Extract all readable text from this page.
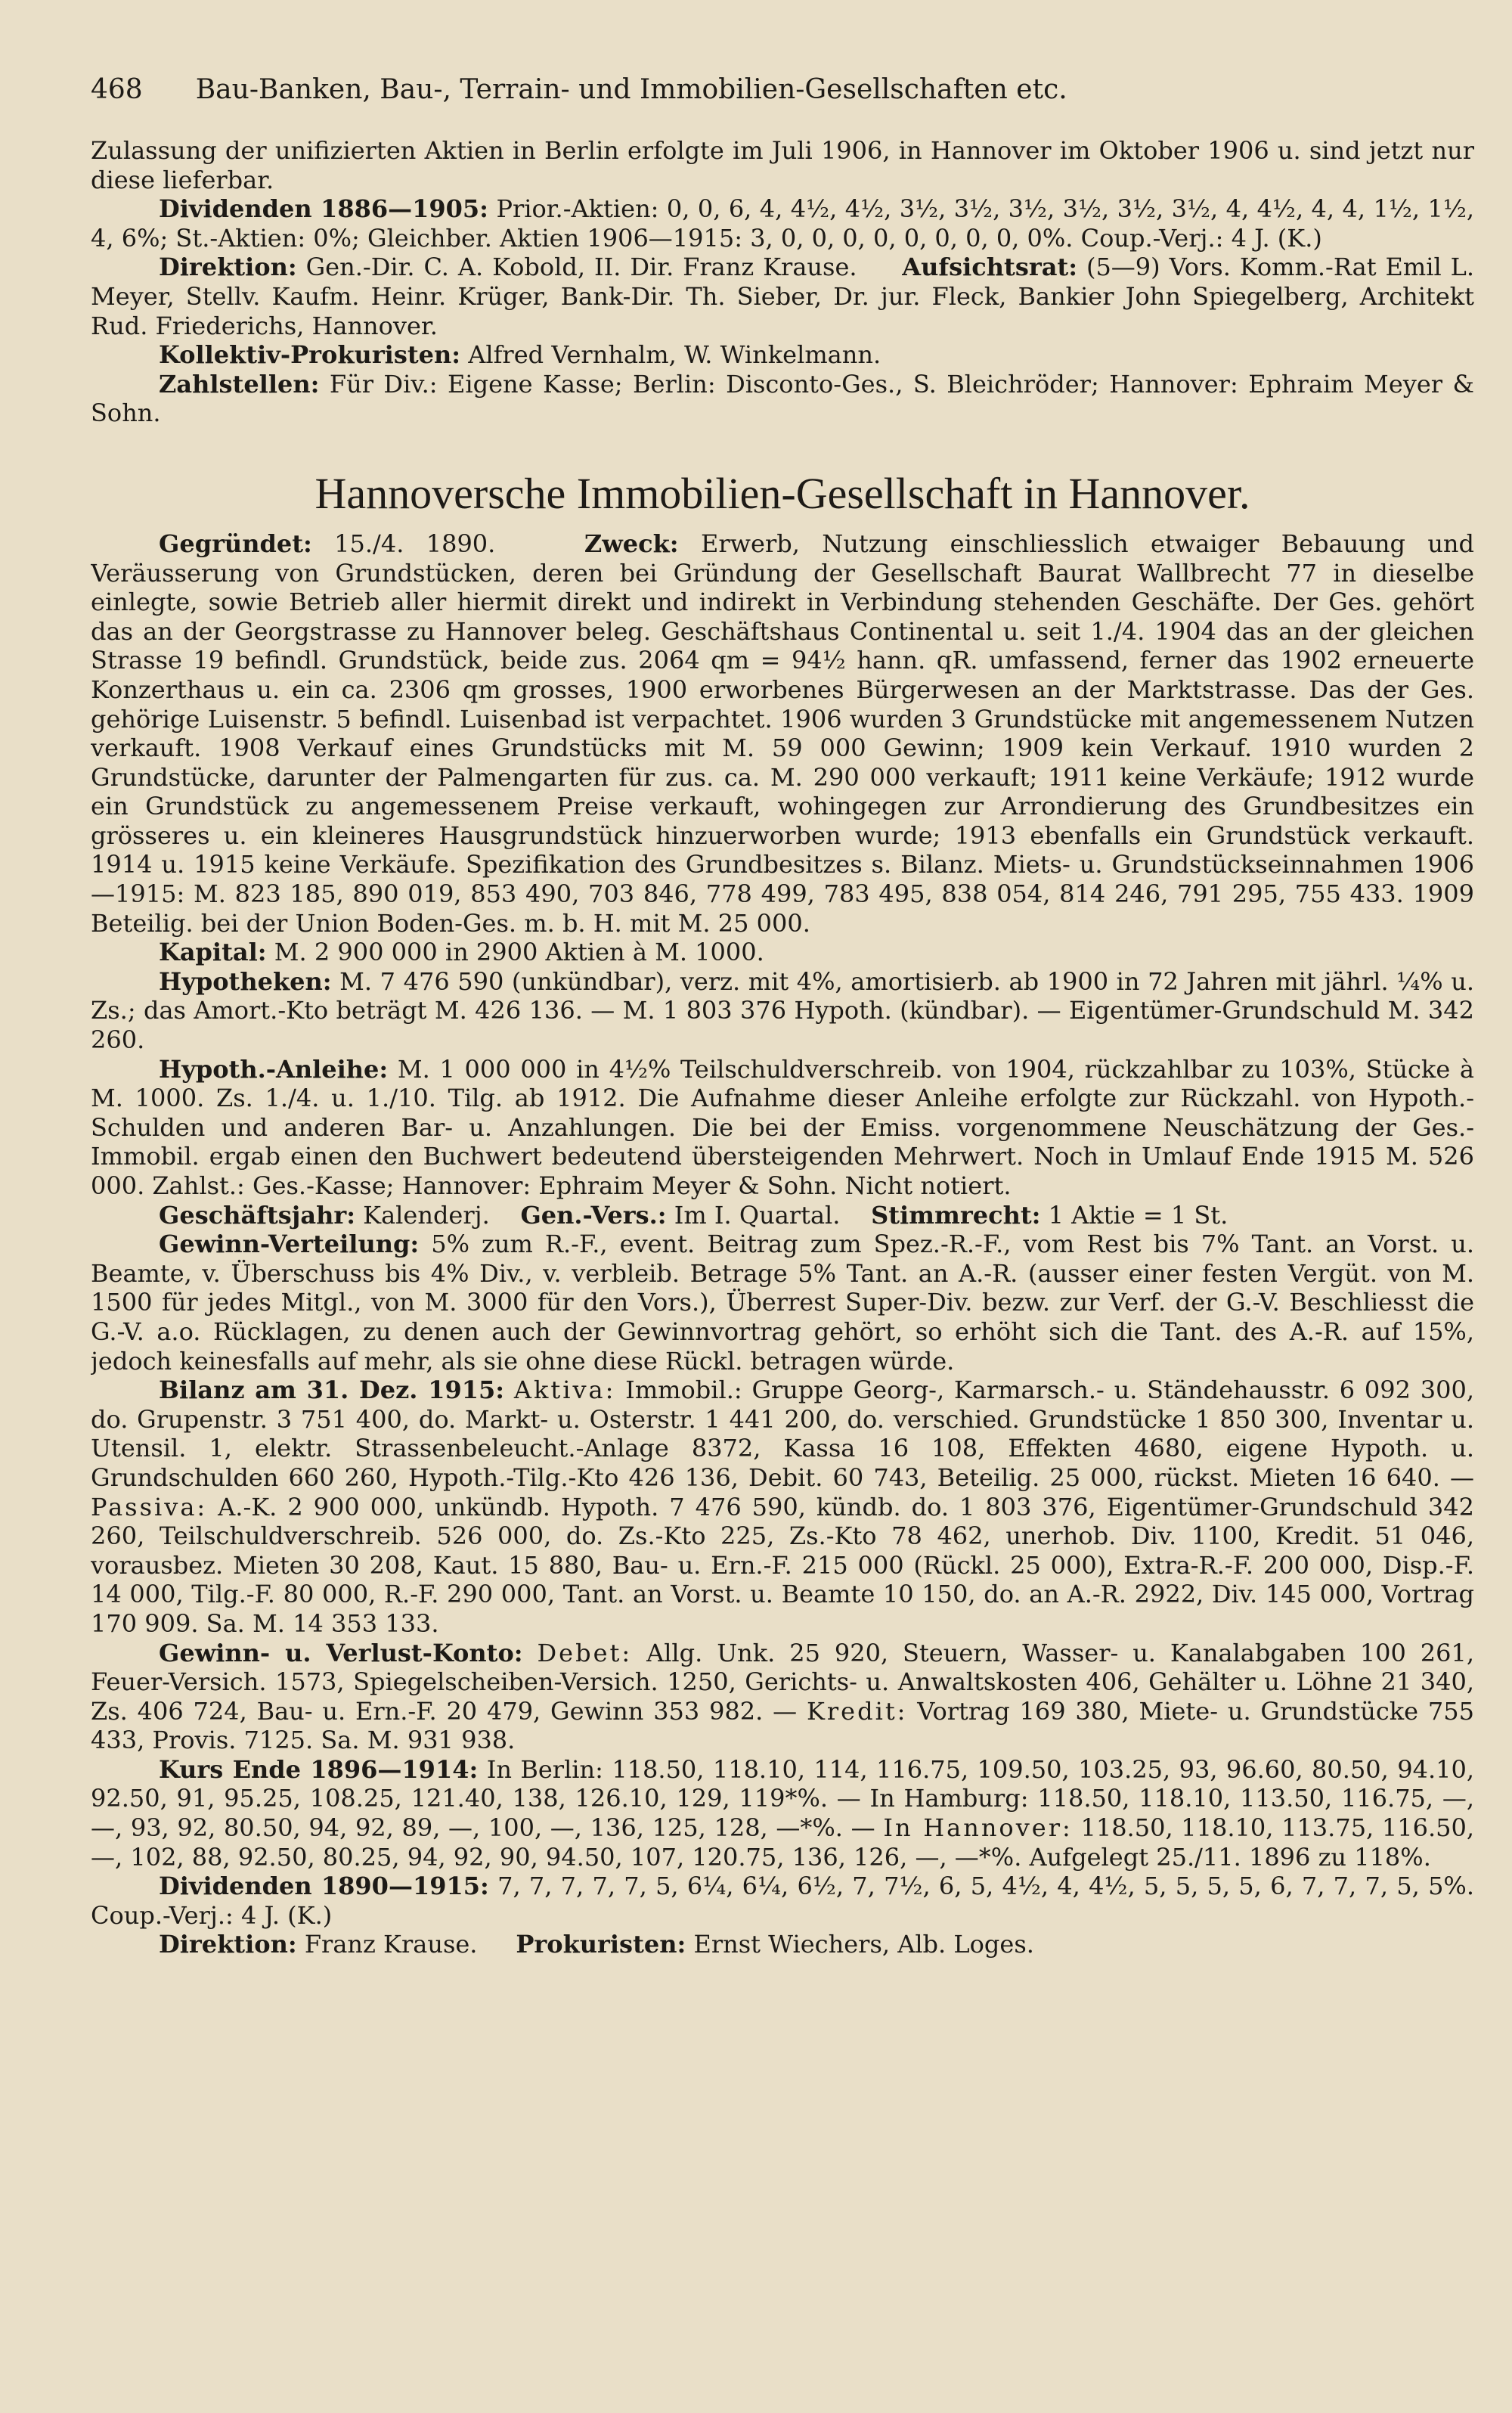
468 Bau-Banken, Bau-, Terrain- und Immobilien-Gesellschaften etc.

Zulassung der unifizierten Aktien in Berlin erfolgte im Juli 1906, in Hannover im Oktober 1906 u. sind jetzt nur diese lieferbar.

Dividenden 1886—1905: Prior.-Aktien: 0, 0, 6, 4, 4½, 4½, 3½, 3½, 3½, 3½, 3½, 3½, 4, 4½, 4, 4, 1½, 1½, 4, 6%; St.-Aktien: 0%; Gleichber. Aktien 1906—1915: 3, 0, 0, 0, 0, 0, 0, 0, 0, 0%. Coup.-Verj.: 4 J. (K.)

Direktion: Gen.-Dir. C. A. Kobold, II. Dir. Franz Krause. Aufsichtsrat: (5—9) Vors. Komm.-Rat Emil L. Meyer, Stellv. Kaufm. Heinr. Krüger, Bank-Dir. Th. Sieber, Dr. jur. Fleck, Bankier John Spiegelberg, Architekt Rud. Friederichs, Hannover.

Kollektiv-Prokuristen: Alfred Vernhalm, W. Winkelmann.

Zahlstellen: Für Div.: Eigene Kasse; Berlin: Disconto-Ges., S. Bleichröder; Hannover: Ephraim Meyer & Sohn.

Hannoversche Immobilien-Gesellschaft in Hannover.

Gegründet: 15./4. 1890.	Zweck: Erwerb, Nutzung einschliesslich etwaiger Bebauung und Veräusserung von Grundstücken, deren bei Gründung der Gesellschaft Baurat Wallbrecht 77 in dieselbe einlegte, sowie Betrieb aller hiermit direkt und indirekt in Verbindung stehenden Geschäfte. Der Ges. gehört das an der Georgstrasse zu Hannover beleg. Geschäftshaus Continental u. seit 1./4. 1904 das an der gleichen Strasse 19 befindl. Grundstück, beide zus. 2064 qm = 94½ hann. qR. umfassend, ferner das 1902 erneuerte Konzerthaus u. ein ca. 2306 qm grosses, 1900 erworbenes Bürgerwesen an der Marktstrasse. Das der Ges. gehörige Luisenstr. 5 befindl. Luisenbad ist verpachtet. 1906 wurden 3 Grundstücke mit angemessenem Nutzen verkauft. 1908 Verkauf eines Grundstücks mit M. 59 000 Gewinn; 1909 kein Verkauf. 1910 wurden 2 Grundstücke, darunter der Palmengarten für zus. ca. M. 290 000 verkauft; 1911 keine Verkäufe; 1912 wurde ein Grundstück zu angemessenem Preise verkauft, wohingegen zur Arrondierung des Grundbesitzes ein grösseres u. ein kleineres Hausgrundstück hinzuerworben wurde; 1913 ebenfalls ein Grundstück verkauft. 1914 u. 1915 keine Verkäufe. Spezifikation des Grundbesitzes s. Bilanz. Miets- u. Grundstückseinnahmen 1906—1915: M. 823 185, 890 019, 853 490, 703 846, 778 499, 783 495, 838 054, 814 246, 791 295, 755 433. 1909 Beteilig. bei der Union Boden-Ges. m. b. H. mit M. 25 000.

Kapital: M. 2 900 000 in 2900 Aktien à M. 1000.

Hypotheken: M. 7 476 590 (unkündbar), verz. mit 4%, amortisierb. ab 1900 in 72 Jahren mit jährl. ¼% u. Zs.; das Amort.-Kto beträgt M. 426 136. — M. 1 803 376 Hypoth. (kündbar). — Eigentümer-Grundschuld M. 342 260.

Hypoth.-Anleihe: M. 1 000 000 in 4½% Teilschuldverschreib. von 1904, rückzahlbar zu 103%, Stücke à M. 1000. Zs. 1./4. u. 1./10. Tilg. ab 1912. Die Aufnahme dieser Anleihe erfolgte zur Rückzahl. von Hypoth.-Schulden und anderen Bar- u. Anzahlungen. Die bei der Emiss. vorgenommene Neuschätzung der Ges.-Immobil. ergab einen den Buchwert bedeutend übersteigenden Mehrwert. Noch in Umlauf Ende 1915 M. 526 000. Zahlst.: Ges.-Kasse; Hannover: Ephraim Meyer & Sohn. Nicht notiert.

Geschäftsjahr: Kalenderj. Gen.-Vers.: Im I. Quartal. Stimmrecht: 1 Aktie = 1 St.

Gewinn-Verteilung: 5% zum R.-F., event. Beitrag zum Spez.-R.-F., vom Rest bis 7% Tant. an Vorst. u. Beamte, v. Überschuss bis 4% Div., v. verbleib. Betrage 5% Tant. an A.-R. (ausser einer festen Vergüt. von M. 1500 für jedes Mitgl., von M. 3000 für den Vors.), Überrest Super-Div. bezw. zur Verf. der G.-V. Beschliesst die G.-V. a.o. Rücklagen, zu denen auch der Gewinnvortrag gehört, so erhöht sich die Tant. des A.-R. auf 15%, jedoch keinesfalls auf mehr, als sie ohne diese Rückl. betragen würde.

Bilanz am 31. Dez. 1915: Aktiva: Immobil.: Gruppe Georg-, Karmarsch.- u. Ständehausstr. 6 092 300, do. Grupenstr. 3 751 400, do. Markt- u. Osterstr. 1 441 200, do. verschied. Grundstücke 1 850 300, Inventar u. Utensil. 1, elektr. Strassenbeleucht.-Anlage 8372, Kassa 16 108, Effekten 4680, eigene Hypoth. u. Grundschulden 660 260, Hypoth.-Tilg.-Kto 426 136, Debit. 60 743, Beteilig. 25 000, rückst. Mieten 16 640. — Passiva: A.-K. 2 900 000, unkündb. Hypoth. 7 476 590, kündb. do. 1 803 376, Eigentümer-Grundschuld 342 260, Teilschuldverschreib. 526 000, do. Zs.-Kto 225, Zs.-Kto 78 462, unerhob. Div. 1100, Kredit. 51 046, vorausbez. Mieten 30 208, Kaut. 15 880, Bau- u. Ern.-F. 215 000 (Rückl. 25 000), Extra-R.-F. 200 000, Disp.-F. 14 000, Tilg.-F. 80 000, R.-F. 290 000, Tant. an Vorst. u. Beamte 10 150, do. an A.-R. 2922, Div. 145 000, Vortrag 170 909. Sa. M. 14 353 133.

Gewinn- u. Verlust-Konto: Debet: Allg. Unk. 25 920, Steuern, Wasser- u. Kanalabgaben 100 261, Feuer-Versich. 1573, Spiegelscheiben-Versich. 1250, Gerichts- u. Anwaltskosten 406, Gehälter u. Löhne 21 340, Zs. 406 724, Bau- u. Ern.-F. 20 479, Gewinn 353 982. — Kredit: Vortrag 169 380, Miete- u. Grundstücke 755 433, Provis. 7125. Sa. M. 931 938.

Kurs Ende 1896—1914: In Berlin: 118.50, 118.10, 114, 116.75, 109.50, 103.25, 93, 96.60, 80.50, 94.10, 92.50, 91, 95.25, 108.25, 121.40, 138, 126.10, 129, 119*%. — In Hamburg: 118.50, 118.10, 113.50, 116.75, —, —, 93, 92, 80.50, 94, 92, 89, —, 100, —, 136, 125, 128, —*%. — In Hannover: 118.50, 118.10, 113.75, 116.50, —, 102, 88, 92.50, 80.25, 94, 92, 90, 94.50, 107, 120.75, 136, 126, —, —*%. Aufgelegt 25./11. 1896 zu 118%.

Dividenden 1890—1915: 7, 7, 7, 7, 7, 5, 6¼, 6¼, 6½, 7, 7½, 6, 5, 4½, 4, 4½, 5, 5, 5, 5, 6, 7, 7, 7, 5, 5%. Coup.-Verj.: 4 J. (K.)

Direktion: Franz Krause. Prokuristen: Ernst Wiechers, Alb. Loges.
